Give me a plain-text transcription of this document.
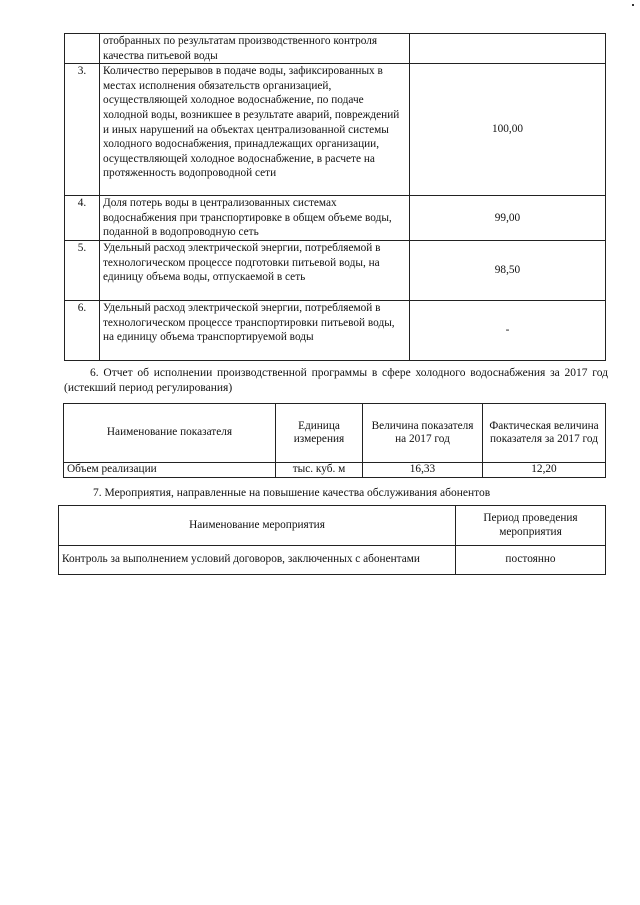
	отобранных по результатам производственного контроля качества питьевой воды	
3.	Количество перерывов в подаче воды, зафиксированных в местах исполнения обязательств организацией, осуществляющей холодное водоснабжение, по подаче холодной воды, возникшее в результате аварий, повреждений и иных нарушений на объектах централизованной системы холодного водоснабжения, принадлежащих организации, осуществляющей холодное водоснабжение, в расчете на протяженность водопроводной сети	100,00
4.	Доля потерь воды в централизованных системах водоснабжения при транспортировке в общем объеме воды, поданной в водопроводную сеть	99,00
5.	Удельный расход электрической энергии, потребляемой в технологическом процессе подготовки питьевой воды, на единицу объема воды, отпускаемой в сеть	98,50
6.	Удельный расход электрической энергии, потребляемой в технологическом процессе транспортировки питьевой воды, на единицу объема транспортируемой воды	-
6. Отчет об исполнении производственной программы в сфере холодного водоснабжения за 2017 год (истекший период регулирования)
Наименование показателя	Единица измерения	Величина показателя на 2017 год	Фактическая величина показателя за 2017 год
Объем реализации	тыс. куб. м	16,33	12,20
7. Мероприятия, направленные на повышение качества обслуживания абонентов
Наименование мероприятия	Период проведения мероприятия
Контроль за выполнением условий договоров, заключенных с абонентами	постоянно
